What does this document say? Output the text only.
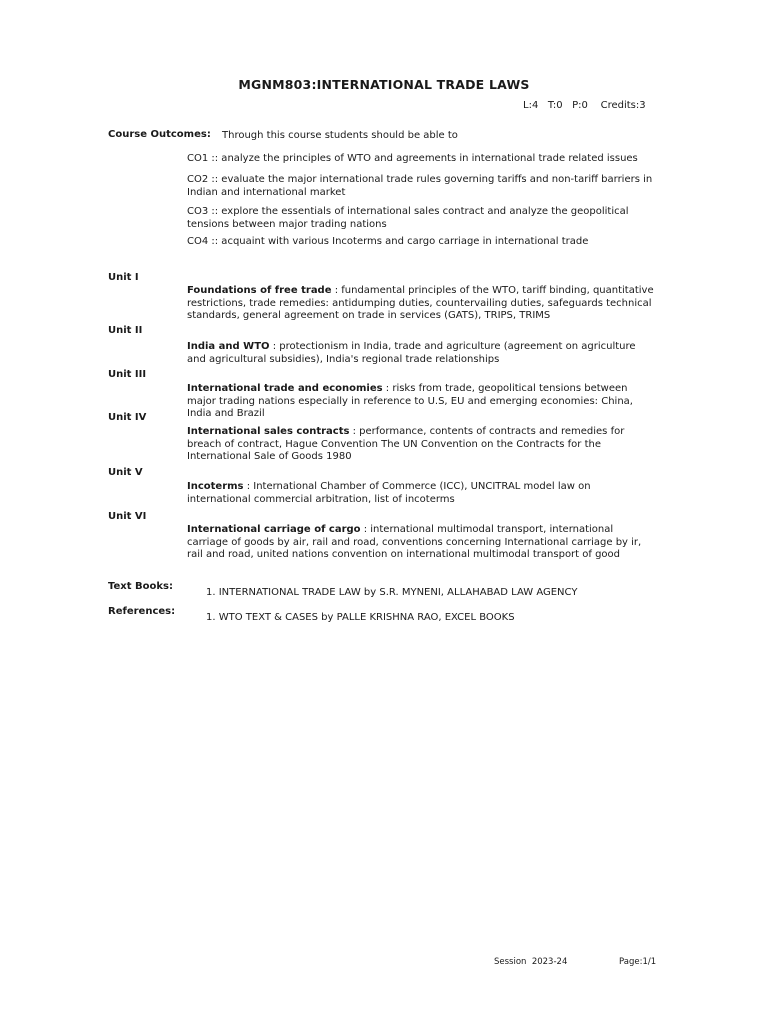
MGNM803:INTERNATIONAL TRADE LAWS
L:4   T:0   P:0    Credits:3
Course Outcomes: Through this course students should be able to
CO1 :: analyze the principles of WTO and agreements in international trade related issues
CO2 :: evaluate the major international trade rules governing tariffs and non-tariff barriers in Indian and international market
CO3 :: explore the essentials of international sales contract and analyze the geopolitical tensions between major trading nations
CO4 :: acquaint with various Incoterms and cargo carriage in international trade
Unit I
Foundations of free trade : fundamental principles of the WTO, tariff binding, quantitative restrictions, trade remedies: antidumping duties, countervailing duties, safeguards technical standards, general agreement on trade in services (GATS), TRIPS, TRIMS
Unit II
India and WTO : protectionism in India, trade and agriculture (agreement on agriculture and agricultural subsidies), India's regional trade relationships
Unit III
International trade and economies : risks from trade, geopolitical tensions between major trading nations especially in reference to U.S, EU and emerging economies: China, India and Brazil
Unit IV
International sales contracts : performance, contents of contracts and remedies for breach of contract, Hague Convention The UN Convention on the Contracts for the International Sale of Goods 1980
Unit V
Incoterms : International Chamber of Commerce (ICC), UNCITRAL model law on international commercial arbitration, list of incoterms
Unit VI
International carriage of cargo : international multimodal transport, international carriage of goods by air, rail and road, conventions concerning International carriage by ir, rail and road, united nations convention on international multimodal transport of good
Text Books:
1. INTERNATIONAL TRADE LAW by S.R. MYNENI, ALLAHABAD LAW AGENCY
References:
1. WTO TEXT & CASES by PALLE KRISHNA RAO, EXCEL BOOKS
Session  2023-24	Page:1/1
